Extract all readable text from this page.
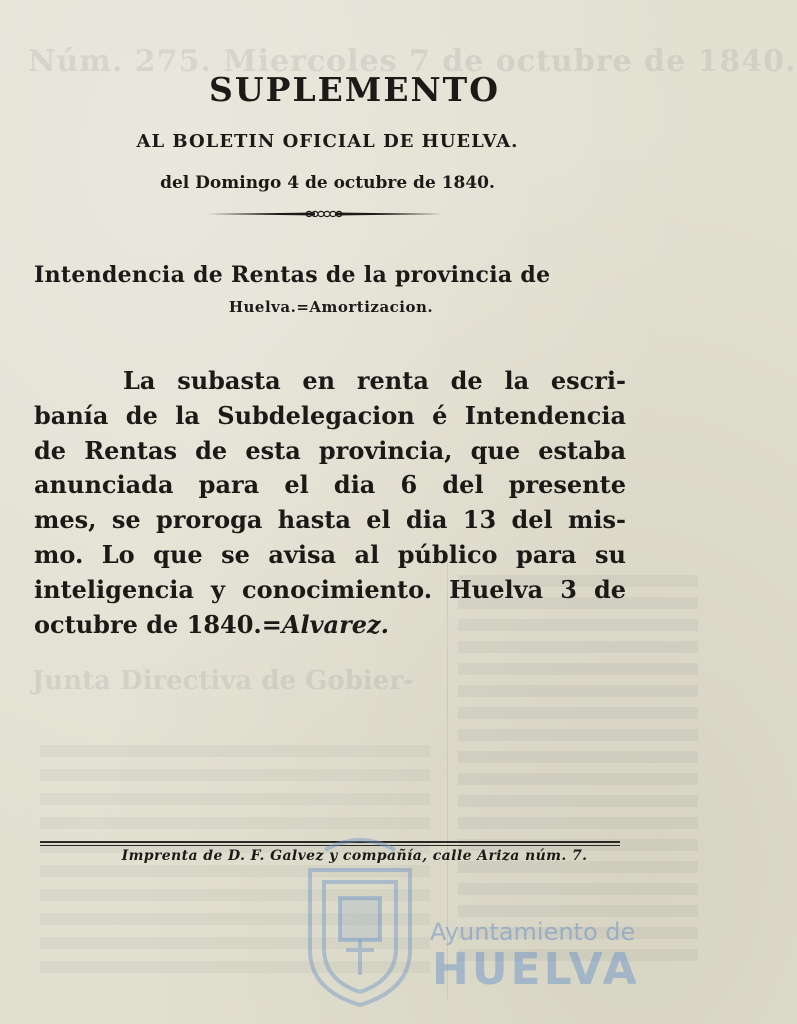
Núm. 275. Miercoles 7 de octubre de 1840.
Junta Directiva de Gobier-
SUPLEMENTO
AL BOLETIN OFICIAL DE HUELVA.
del Domingo 4 de octubre de 1840.
Intendencia de Rentas de la provincia de
Huelva.=Amortizacion.
La subasta en renta de la escri-
banía de la Subdelegacion é Intendencia
de Rentas de esta provincia, que estaba
anunciada para el dia 6 del presente
mes, se proroga hasta el dia 13 del mis-
mo. Lo que se avisa al público para su
inteligencia y conocimiento. Huelva 3 de
octubre de 1840.=Alvarez.
Imprenta de D. F. Galvez y compañía, calle Ariza núm. 7.
Ayuntamiento de
HUELVA
